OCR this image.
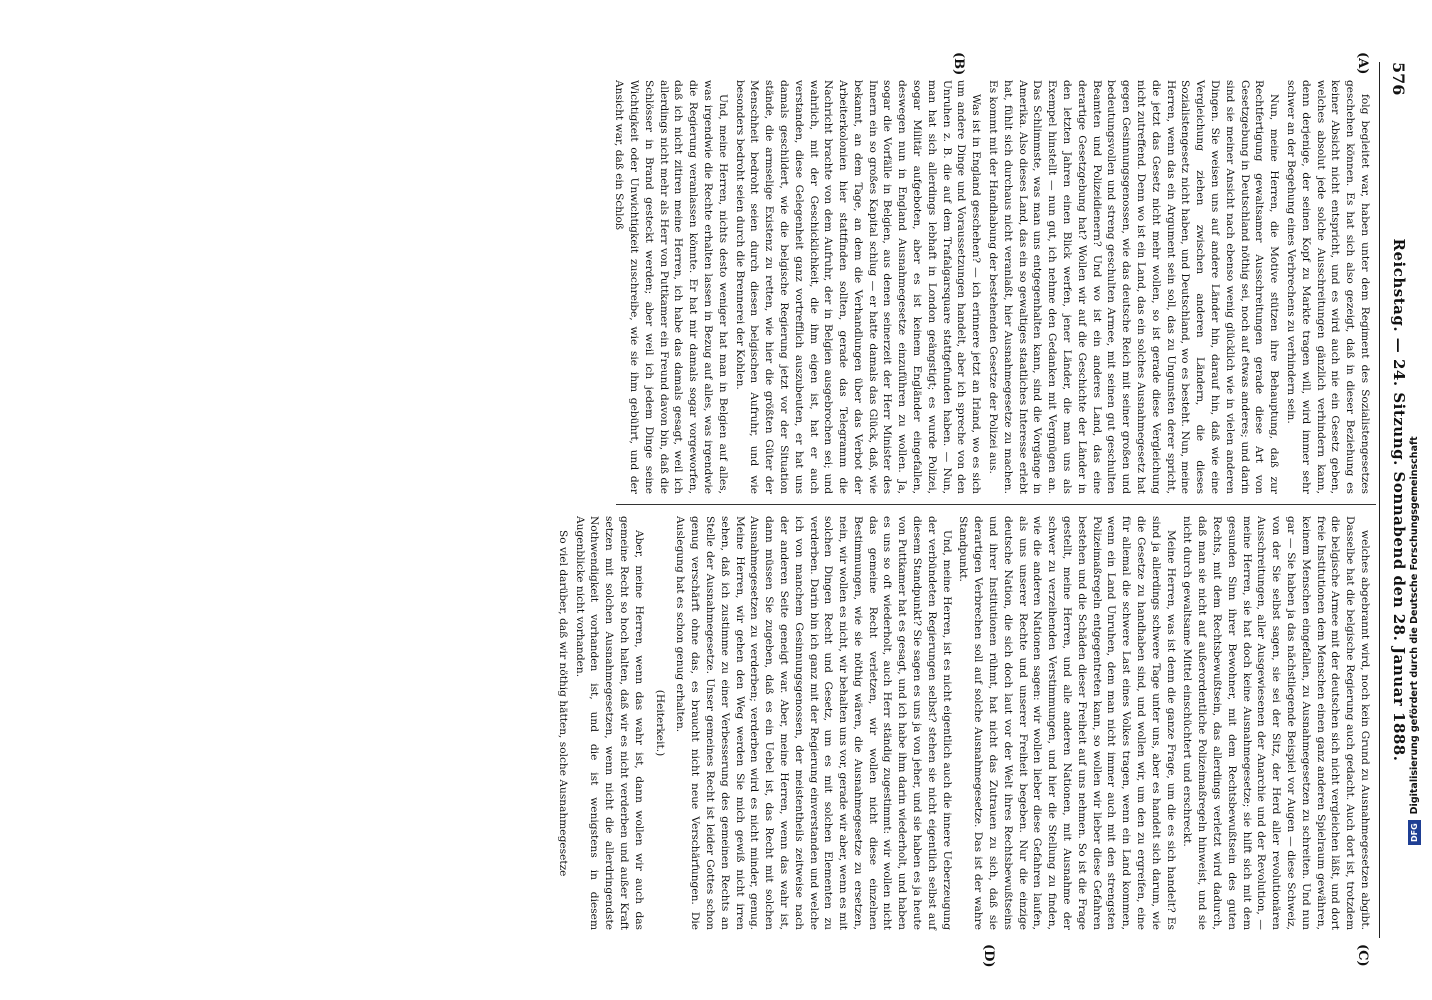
576
Reichstag. — 24. Sitzung. Sonnabend den 28. Januar 1888.
(A)
(B)
(C)
(D)

folg begleitet war, haben unter dem Regiment des Sozialistengesetzes geschehen können. Es hat sich also gezeigt, daß in dieser Beziehung es keiner Absicht nicht entspricht, und es wird auch nie ein Gesetz geben, welches absolut jede solche Ausschreitungen gänzlich verhindern kann, denn derjenige, der seinen Kopf zu Markte tragen will, wird immer sehr schwer an der Begehung eines Verbrechens zu verhindern sein.

Nun, meine Herren, die Motive stützen ihre Behauptung, daß zur Rechtfertigung gewaltsamer Ausschreitungen gerade diese Art von Gesetzgebung in Deutschland nöthig sei, noch auf etwas anderes; und darin sind sie meiner Ansicht nach ebenso wenig glücklich wie in vielen anderen Dingen. Sie weisen uns auf andere Länder hin, darauf hin, daß wie eine Vergleichung ziehen zwischen anderen Ländern, die dieses Sozialistengesetz nicht haben, und Deutschland, wo es besteht. Nun, meine Herren, wenn das ein Argument sein soll, das zu Ungunsten derer spricht, die jetzt das Gesetz nicht mehr wollen, so ist gerade diese Vergleichung nicht zutreffend. Denn wo ist ein Land, das ein solches Ausnahmegesetz hat gegen Gesinnungsgenossen, wie das deutsche Reich mit seiner großen und bedeutungsvollen und streng geschulten Armee, mit seinen gut geschulten Beamten und Polizeidienern? Und wo ist ein anderes Land, das eine derartige Gesetzgebung hat? Wollen wir auf die Geschichte der Länder in den letzten Jahren einen Blick werfen, jener Länder, die man uns als Exempel hinstellt — nun gut, ich nehme den Gedanken mit Vergnügen an. Das Schlimmste, was man uns entgegenhalten kann, sind die Vorgänge in Amerika. Also dieses Land, das ein so gewaltiges staatliches Interesse erlebt hat, fühlt sich durchaus nicht veranlaßt, hier Ausnahmegesetze zu machen. Es kommt mit der Handhabung der bestehenden Gesetze der Polizei aus.

Was ist in England geschehen? — ich erinnere jetzt an Irland, wo es sich um andere Dinge und Voraussetzungen handelt, aber ich spreche von den Unruhen z. B. die auf dem Trafalgarsquare stattgefunden haben. — Nun, man hat sich allerdings lebhaft in London geängstigt; es wurde Polizei, sogar Militär aufgeboten, aber es ist keinem Engländer eingefallen, deswegen nun in England Ausnahmegesetze einzuführen zu wollen. Ja, sogar die Vorfälle in Belgien, aus denen seinerzeit der Herr Minister des Innern ein so großes Kapital schlug — er hatte damals das Glück, daß, wie bekannt, an dem Tage, an dem die Verhandlungen über das Verbot der Arbeiterkolonien hier stattfinden sollten, gerade das Telegramm die Nachricht brachte von dem Aufruhr, der in Belgien ausgebrochen sei; und wahrlich, mit der Geschicklichkeit, die ihm eigen ist, hat er auch verstanden, diese Gelegenheit ganz vortrefflich auszubeuten, er hat uns damals geschildert, wie die belgische Regierung jetzt vor der Situation stände, die armselige Existenz zu retten, wie hier die größten Güter der Menschheit bedroht seien durch diesen belgischen Aufruhr, und wie besonders bedroht seien durch die Brennerei der Kohlen.

Und, meine Herren, nichts desto weniger hat man in Belgien auf alles, was irgendwie die Rechte erhalten lassen in Bezug auf alles, was irgendwie die Regierung veranlassen könnte. Er hat mir damals sogar vorgeworfen, daß ich nicht zitiren meine Herren, ich habe das damals gesagt, weil ich allerdings nicht mehr als Herr von Puttkamer ein Freund davon bin, daß die Schlösser in Brand gesteckt werden; aber weil ich jedem Dinge seine Wichtigkeit oder Unwichtigkeit zuschreibe, wie sie ihm gebührt, und der Ansicht war, daß ein Schloß

welches abgebrannt wird, noch kein Grund zu Ausnahmegesetzen abgibt. Dasselbe hat die belgische Regierung auch gedacht. Auch dort ist, trotzdem die belgische Armee mit der deutschen sich nicht vergleichen läßt, und dort freie Institutionen dem Menschen einen ganz anderen Spielraum gewähren, keinem Menschen eingefallen, zu Ausnahmegesetzen zu schreiten. Und nun gar — Sie haben ja das nächstliegende Beispiel vor Augen — diese Schweiz, von der Sie selbst sagen, sie sei der Sitz, der Herd aller revolutionären Ausschreitungen, aller Ausgewiesenen der Anarchie und der Revolution, — meine Herren, sie hat doch keine Ausnahmegesetze; sie hilft sich mit dem gesunden Sinn ihrer Bewohner, mit dem Rechtsbewußtsein des guten Rechts, mit dem Rechtsbewußtsein, das allerdings verletzt wird dadurch, daß man sie nicht auf außerordentliche Polizeimaßregeln hinweist, und sie nicht durch gewaltsame Mittel einschüchtert und erschreckt.

Meine Herren, was ist denn die ganze Frage, um die es sich handelt? Es sind ja allerdings schwere Tage unter uns, aber es handelt sich darum, wie die Gesetze zu handhaben sind, und wollen wir, um den zu ergreifen, eine für allemal die schwere Last eines Volkes tragen, wenn ein Land kommen, wenn ein Land Unruhen, dem man nicht immer auch mit den strengsten Polizeimaßregeln entgegentreten kann, so wollen wir lieber diese Gefahren bestehen und die Schäden dieser Freiheit auf uns nehmen. So ist die Frage gestellt, meine Herren, und alle anderen Nationen, mit Ausnahme der schwer zu verzeihenden Verstimmungen, und hier die Stellung zu finden, wie die anderen Nationen sagen: wir wollen lieber diese Gefahren laufen, als uns unserer Rechte und unserer Freiheit begeben. Nur die einzige deutsche Nation, die sich doch laut vor der Welt ihres Rechtsbewußtseins und ihrer Institutionen rühmt, hat nicht das Zutrauen zu sich, daß sie derartigen Verbrechen soll auf solche Ausnahmegesetze. Das ist der wahre Standpunkt.

Und, meine Herren, ist es nicht eigentlich auch die innere Ueberzeugung der verbündeten Regierungen selbst? stehen sie nicht eigentlich selbst auf diesem Standpunkt? Sie sagen es uns ja von jeher, und sie haben es ja heute von Puttkamer hat es gesagt, und ich habe ihm darin wiederholt, und haben es uns so oft wiederholt, auch Herr ständig zugestimmt: wir wollen nicht das gemeine Recht verletzen, wir wollen nicht diese einzelnen Bestimmungen, wie sie nöthig wären, die Ausnahmegesetze zu ersetzen, nein, wir wollen es nicht, wir behalten uns vor, gerade wir aber, wenn es mit solchen Dingen Recht und Gesetz, um es mit solchen Elementen zu verderben. Darin bin ich ganz mit der Regierung einverstanden und welche ich von manchem Gesinnungsgenossen, der meistentheils zeitweise nach der anderen Seite geneigt war. Aber, meine Herren, wenn das wahr ist, dann müssen Sie zugeben, daß es ein Uebel ist, das Recht mit solchen Ausnahmegesetzen zu verderben; verderben wird es nicht minder, genug. Meine Herren, wir gehen den Weg werden Sie mich gewiß nicht irren sehen, daß ich zustimme zu einer Verbesserung des gemeinen Rechts an Stelle der Ausnahmegesetze. Unser gemeines Recht ist leider Gottes schon genug verschärft ohne das, es braucht nicht neue Verschärfungen. Die Auslegung hat es schon genug erhalten.

(Heiterkeit.)

Aber, meine Herren, wenn das wahr ist, dann wollen wir auch das gemeine Recht so hoch halten, daß wir es nicht verderben und außer Kraft setzen mit solchen Ausnahmegesetzen, wenn nicht die allerdringendste Nothwendigkeit vorhanden ist, und die ist wenigstens in diesem Augenblicke nicht vorhanden.

So viel darüber, daß wir nöthig hätten, solche Ausnahmegesetze	DFGDigitalisierung gefördert durch die Deutsche Forschungsgemeinschaft
